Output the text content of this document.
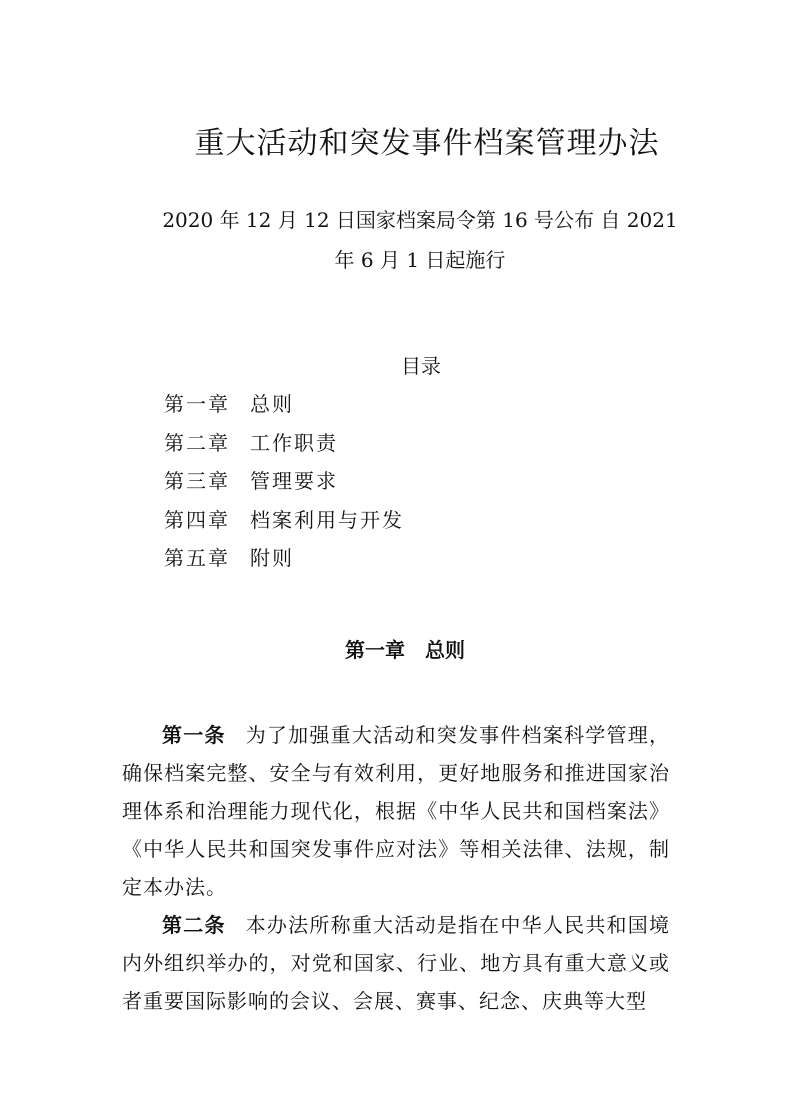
重大活动和突发事件档案管理办法
2020 年 12 月 12 日国家档案局令第 16 号公布 自 2021 年 6 月 1 日起施行
目录
第一章 总则
第二章 工作职责
第三章 管理要求
第四章 档案利用与开发
第五章 附则
第一章 总则

第一条 为了加强重大活动和突发事件档案科学管理，确保档案完整、安全与有效利用，更好地服务和推进国家治理体系和治理能力现代化，根据《中华人民共和国档案法》《中华人民共和国突发事件应对法》等相关法律、法规，制定本办法。

第二条 本办法所称重大活动是指在中华人民共和国境内外组织举办的，对党和国家、行业、地方具有重大意义或者重要国际影响的会议、会展、赛事、纪念、庆典等大型
